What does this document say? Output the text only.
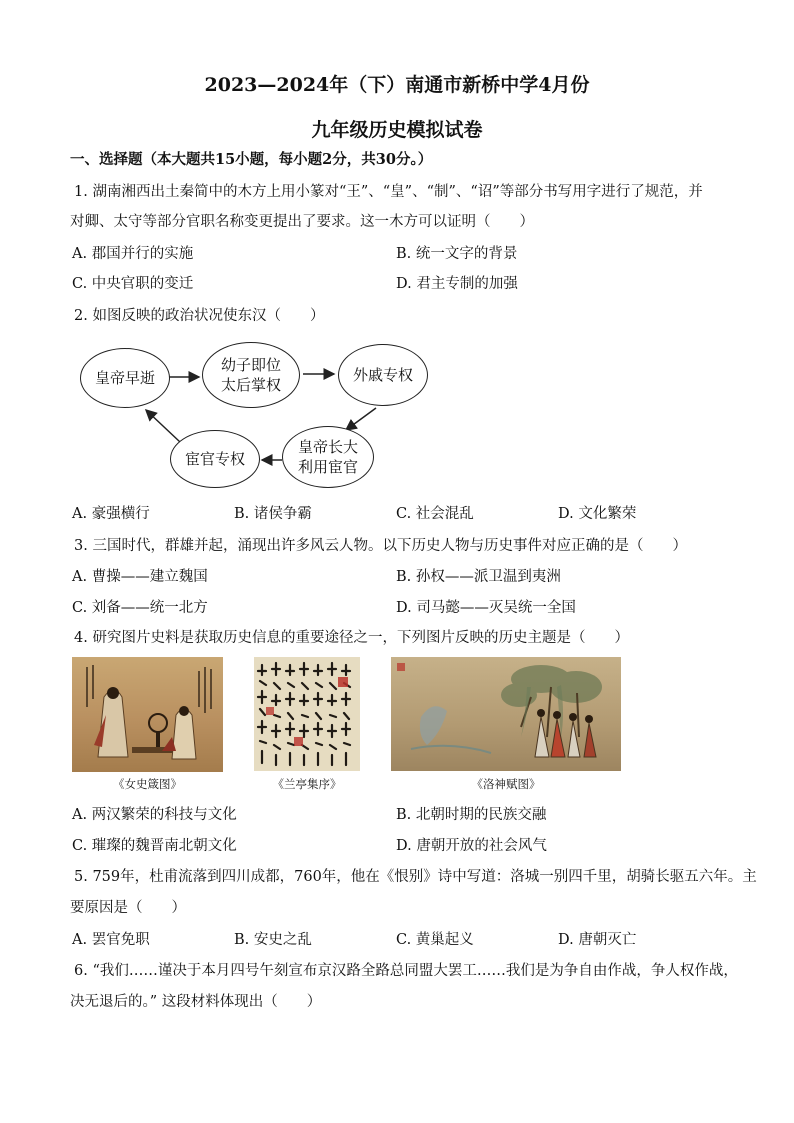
2023—2024年（下）南通市新桥中学4月份
九年级历史模拟试卷
一、选择题（本大题共15小题，每小题2分，共30分。）
1. 湖南湘西出土秦简中的木方上用小篆对“王”、“皇”、“制”、“诏”等部分书写用字进行了规范，并
对卿、太守等部分官职名称变更提出了要求。这一木方可以证明（　　）
A. 郡国并行的实施	B. 统一文字的背景
C. 中央官职的变迁	D. 君主专制的加强
2. 如图反映的政治状况使东汉（　　）
皇帝早逝
幼子即位
太后掌权
外戚专权
皇帝长大
利用宦官
宦官专权
A. 豪强横行	B. 诸侯争霸	C. 社会混乱	D. 文化繁荣
3. 三国时代，群雄并起，涌现出许多风云人物。以下历史人物与历史事件对应正确的是（　　）
A. 曹操——建立魏国	B. 孙权——派卫温到夷洲
C. 刘备——统一北方	D. 司马懿——灭吴统一全国
4. 研究图片史料是获取历史信息的重要途径之一，下列图片反映的历史主题是（　　）
《女史箴图》	《兰亭集序》	《洛神赋图》
A. 两汉繁荣的科技与文化	B. 北朝时期的民族交融
C. 璀璨的魏晋南北朝文化	D. 唐朝开放的社会风气
5. 759年，杜甫流落到四川成都，760年，他在《恨别》诗中写道：洛城一别四千里，胡骑长驱五六年。主
要原因是（　　）
A. 罢官免职	B. 安史之乱	C. 黄巢起义	D. 唐朝灭亡
6. “我们……谨决于本月四号午刻宣布京汉路全路总同盟大罢工……我们是为争自由作战，争人权作战，
决无退后的。” 这段材料体现出（　　）
